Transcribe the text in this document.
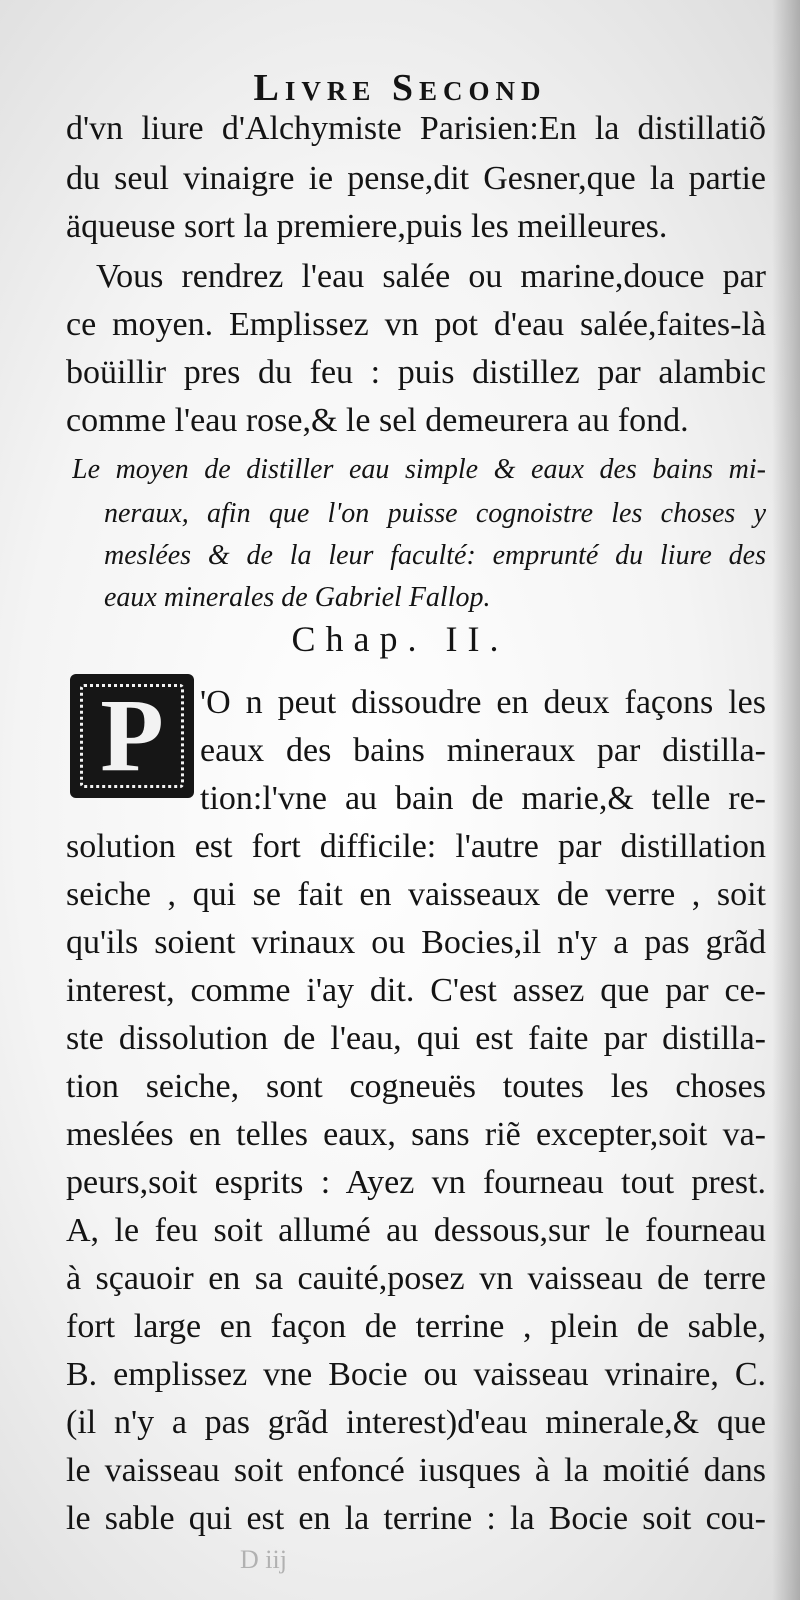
Livre Second

d'vn liure d'Alchymiste Parisien:En la distillatiõ

du seul vinaigre ie pense,dit Gesner,que la partie

äqueuse sort la premiere,puis les meilleures.

Vous rendrez l'eau salée ou marine,douce par

ce moyen. Emplissez vn pot d'eau salée,faites-là

boüillir pres du feu : puis distillez par alambic

comme l'eau rose,& le sel demeurera au fond.

Le moyen de distiller eau simple & eaux des bains mi-

neraux, afin que l'on puisse cognoistre les choses y

meslées & de la leur faculté: emprunté du liure des

eaux minerales de Gabriel Fallop.

Chap. II.

P	'O n peut dissoudre en deux façons les

eaux des bains mineraux par distilla-

tion:l'vne au bain de marie,& telle re-

solution est fort difficile: l'autre par distillation

seiche , qui se fait en vaisseaux de verre , soit

qu'ils soient vrinaux ou Bocies,il n'y a pas grãd

interest, comme i'ay dit. C'est assez que par ce-

ste dissolution de l'eau, qui est faite par distilla-

tion seiche, sont cogneuës toutes les choses

meslées en telles eaux, sans riẽ excepter,soit va-

peurs,soit esprits : Ayez vn fourneau tout prest.

A, le feu soit allumé au dessous,sur le fourneau

à sçauoir en sa cauité,posez vn vaisseau de terre

fort large en façon de terrine , plein de sable,

B. emplissez vne Bocie ou vaisseau vrinaire, C.

(il n'y a pas grãd interest)d'eau minerale,& que

le vaisseau soit enfoncé iusques à la moitié dans

le sable qui est en la terrine : la Bocie soit cou-

D iij
